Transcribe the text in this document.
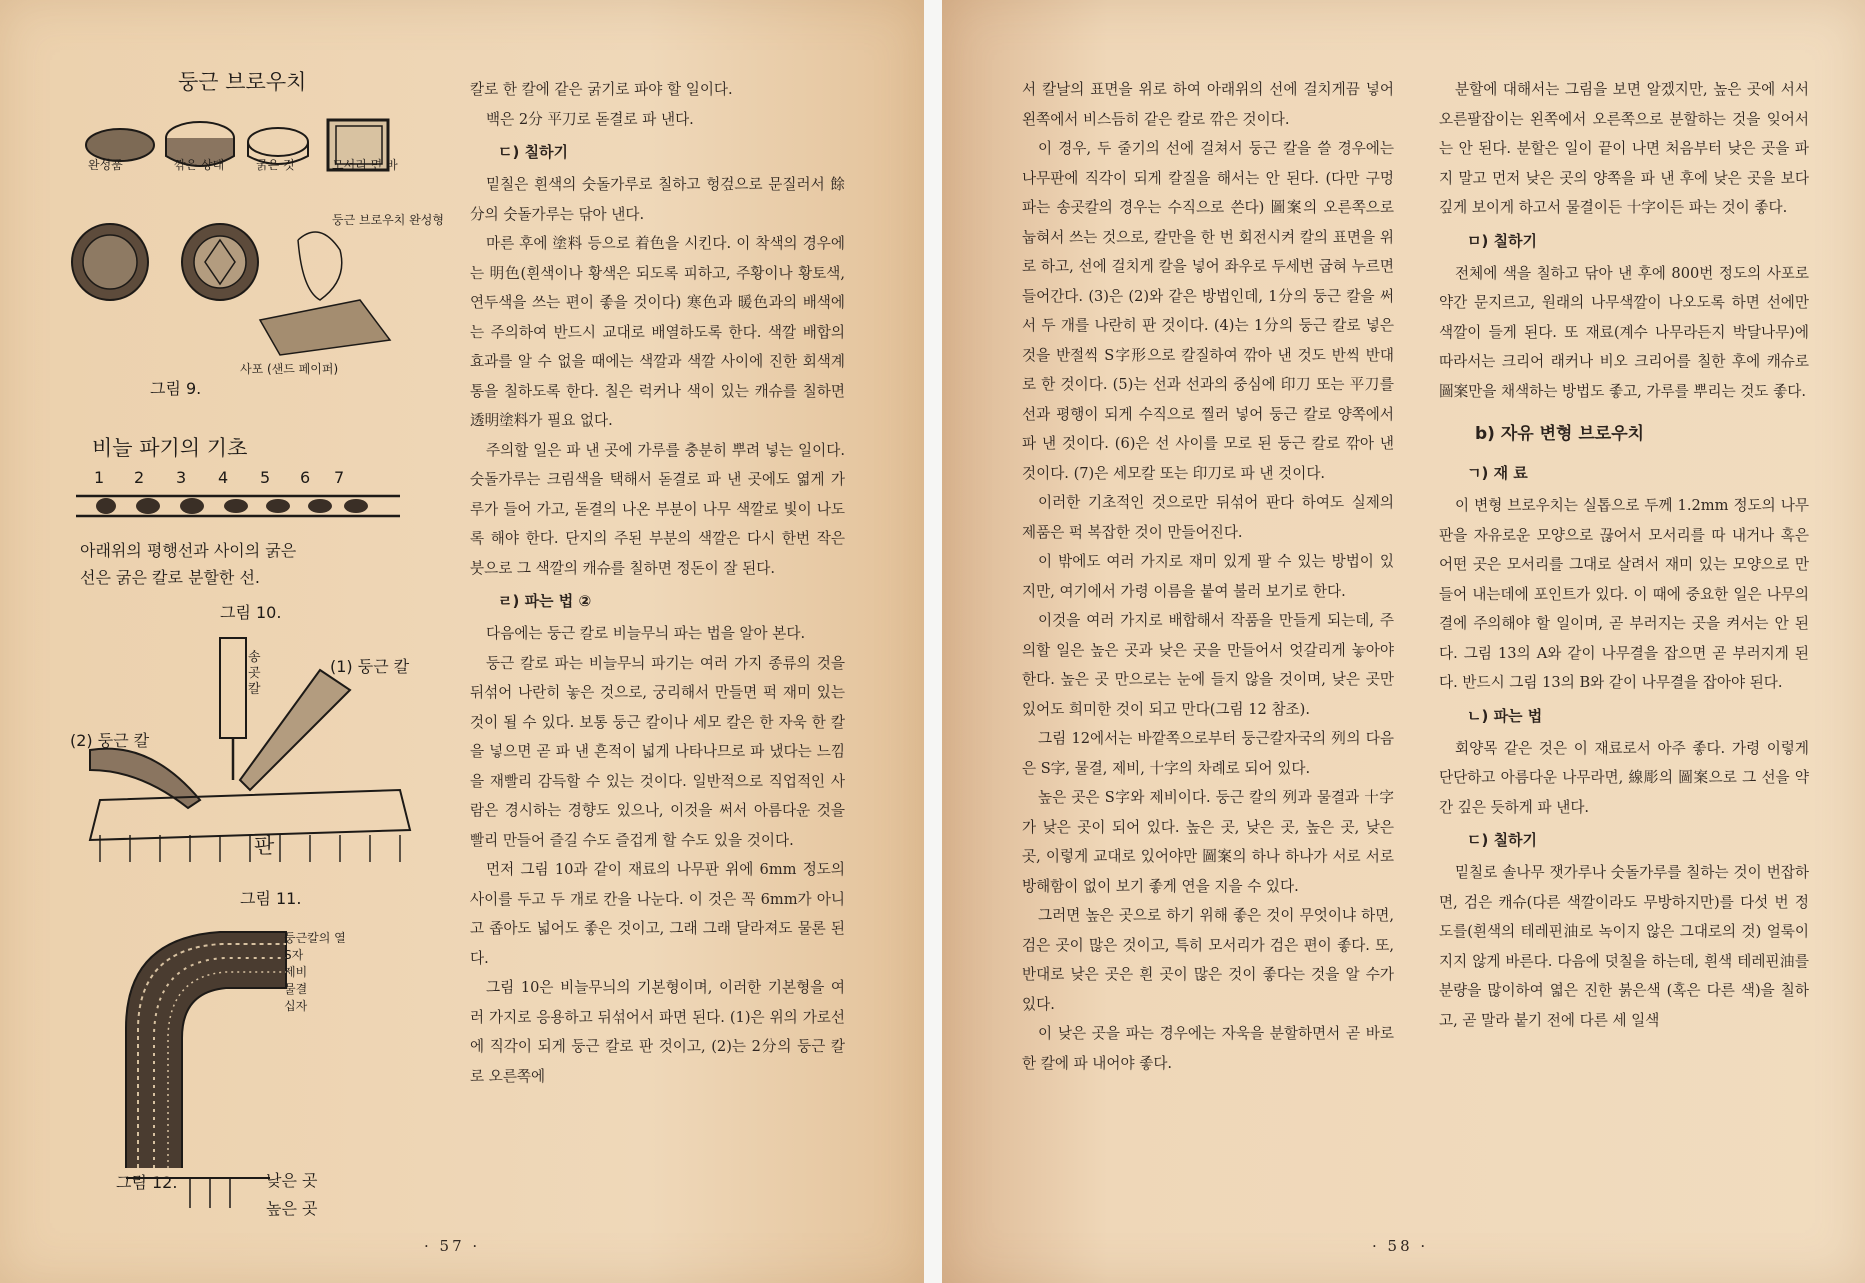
둥근 브로우치
완성품	깎은 상태	굵은 것	모서리 면 바
둥근 브로우치 완성형
사포 (샌드 페이퍼)
그림 9.
비늘 파기의 기초
1 2 3 4 5 6 7
아래위의 평행선과 사이의 굵은
선은 굵은 칼로 분할한 선.
그림 10.
송곳칼
(1) 둥근 칼
(2) 둥근 칼
판
그림 11.
둥근칼의 열
S자
제비
물결
십자
낮은 곳
높은 곳
그림 12.

칼로 한 칼에 같은 굵기로 파야 할 일이다.

백은 2分 平刀로 돋결로 파 낸다.

ㄷ) 칠하기

밑칠은 흰색의 숫돌가루로 칠하고 헝겊으로 문질러서 餘分의 숫돌가루는 닦아 낸다.

마른 후에 塗料 등으로 着色을 시킨다. 이 착색의 경우에는 明色(흰색이나 황색은 되도록 피하고, 주황이나 황토색, 연두색을 쓰는 편이 좋을 것이다) 寒色과 暖色과의 배색에는 주의하여 반드시 교대로 배열하도록 한다. 색깔 배합의 효과를 알 수 없을 때에는 색깔과 색깔 사이에 진한 회색계통을 칠하도록 한다. 칠은 럭커나 색이 있는 캐슈를 칠하면 透明塗料가 필요 없다.

주의할 일은 파 낸 곳에 가루를 충분히 뿌려 넣는 일이다. 숫돌가루는 크림색을 택해서 돋결로 파 낸 곳에도 엷게 가루가 들어 가고, 돋결의 나온 부분이 나무 색깔로 빛이 나도록 해야 한다. 단지의 주된 부분의 색깔은 다시 한번 작은 붓으로 그 색깔의 캐슈를 칠하면 정돈이 잘 된다.

ㄹ) 파는 법 ②

다음에는 둥근 칼로 비늘무늬 파는 법을 알아 본다.

둥근 칼로 파는 비늘무늬 파기는 여러 가지 종류의 것을 뒤섞어 나란히 놓은 것으로, 궁리해서 만들면 퍽 재미 있는 것이 될 수 있다. 보통 둥근 칼이나 세모 칼은 한 자욱 한 칼을 넣으면 곧 파 낸 흔적이 넓게 나타나므로 파 냈다는 느낌을 재빨리 감득할 수 있는 것이다. 일반적으로 직업적인 사람은 경시하는 경향도 있으나, 이것을 써서 아름다운 것을 빨리 만들어 즐길 수도 즐겁게 할 수도 있을 것이다.

먼저 그림 10과 같이 재료의 나무판 위에 6mm 정도의 사이를 두고 두 개로 칸을 나눈다. 이 것은 꼭 6mm가 아니고 좁아도 넓어도 좋은 것이고, 그래 그래 달라져도 물론 된다.

그림 10은 비늘무늬의 기본형이며, 이러한 기본형을 여러 가지로 응용하고 뒤섞어서 파면 된다. (1)은 위의 가로선에 직각이 되게 둥근 칼로 판 것이고, (2)는 2分의 둥근 칼로 오른쪽에

· 57 ·

서 칼날의 표면을 위로 하여 아래위의 선에 걸치게끔 넣어 왼쪽에서 비스듬히 같은 칼로 깎은 것이다.

이 경우, 두 줄기의 선에 걸쳐서 둥근 칼을 쓸 경우에는 나무판에 직각이 되게 칼질을 해서는 안 된다. (다만 구멍 파는 송곳칼의 경우는 수직으로 쓴다) 圖案의 오른쪽으로 눕혀서 쓰는 것으로, 칼만을 한 번 회전시켜 칼의 표면을 위로 하고, 선에 걸치게 칼을 넣어 좌우로 두세번 굽혀 누르면 들어간다. (3)은 (2)와 같은 방법인데, 1分의 둥근 칼을 써서 두 개를 나란히 판 것이다. (4)는 1分의 둥근 칼로 넣은 것을 반절씩 S字形으로 칼질하여 깎아 낸 것도 반씩 반대로 한 것이다. (5)는 선과 선과의 중심에 印刀 또는 平刀를 선과 평행이 되게 수직으로 찔러 넣어 둥근 칼로 양쪽에서 파 낸 것이다. (6)은 선 사이를 모로 된 둥근 칼로 깎아 낸 것이다. (7)은 세모칼 또는 印刀로 파 낸 것이다.

이러한 기초적인 것으로만 뒤섞어 판다 하여도 실제의 제품은 퍽 복잡한 것이 만들어진다.

이 밖에도 여러 가지로 재미 있게 팔 수 있는 방법이 있지만, 여기에서 가령 이름을 붙여 불러 보기로 한다.

이것을 여러 가지로 배합해서 작품을 만들게 되는데, 주의할 일은 높은 곳과 낮은 곳을 만들어서 엇갈리게 놓아야 한다. 높은 곳 만으로는 눈에 들지 않을 것이며, 낮은 곳만 있어도 희미한 것이 되고 만다(그림 12 참조).

그림 12에서는 바깥쪽으로부터 둥근칼자국의 列의 다음은 S字, 물결, 제비, 十字의 차례로 되어 있다.

높은 곳은 S字와 제비이다. 둥근 칼의 列과 물결과 十字가 낮은 곳이 되어 있다. 높은 곳, 낮은 곳, 높은 곳, 낮은 곳, 이렇게 교대로 있어야만 圖案의 하나 하나가 서로 서로 방해함이 없이 보기 좋게 연을 지을 수 있다.

그러면 높은 곳으로 하기 위해 좋은 것이 무엇이냐 하면, 검은 곳이 많은 것이고, 특히 모서리가 검은 편이 좋다. 또, 반대로 낮은 곳은 흰 곳이 많은 것이 좋다는 것을 알 수가 있다.

이 낮은 곳을 파는 경우에는 자욱을 분할하면서 곧 바로 한 칼에 파 내어야 좋다.

분할에 대해서는 그림을 보면 알겠지만, 높은 곳에 서서 오른팔잡이는 왼쪽에서 오른쪽으로 분할하는 것을 잊어서는 안 된다. 분할은 일이 끝이 나면 처음부터 낮은 곳을 파지 말고 먼저 낮은 곳의 양쪽을 파 낸 후에 낮은 곳을 보다 깊게 보이게 하고서 물결이든 十字이든 파는 것이 좋다.

ㅁ) 칠하기

전체에 색을 칠하고 닦아 낸 후에 800번 정도의 사포로 약간 문지르고, 원래의 나무색깔이 나오도록 하면 선에만 색깔이 들게 된다. 또 재료(계수 나무라든지 박달나무)에 따라서는 크리어 래커나 비오 크리어를 칠한 후에 캐슈로 圖案만을 채색하는 방법도 좋고, 가루를 뿌리는 것도 좋다.

b) 자유 변형 브로우치
ㄱ) 재 료

이 변형 브로우치는 실톱으로 두께 1.2mm 정도의 나무판을 자유로운 모양으로 끊어서 모서리를 따 내거나 혹은 어떤 곳은 모서리를 그대로 살려서 재미 있는 모양으로 만들어 내는데에 포인트가 있다. 이 때에 중요한 일은 나무의 결에 주의해야 할 일이며, 곧 부러지는 곳을 켜서는 안 된다. 그림 13의 A와 같이 나무결을 잡으면 곧 부러지게 된다. 반드시 그림 13의 B와 같이 나무결을 잡아야 된다.

ㄴ) 파는 법

회양목 같은 것은 이 재료로서 아주 좋다. 가령 이렇게 단단하고 아름다운 나무라면, 線彫의 圖案으로 그 선을 약간 깊은 듯하게 파 낸다.

ㄷ) 칠하기

밑칠로 솔나무 잿가루나 숫돌가루를 칠하는 것이 번잡하면, 검은 캐슈(다른 색깔이라도 무방하지만)를 다섯 번 정도를(흰색의 테레핀油로 녹이지 않은 그대로의 것) 얼룩이 지지 않게 바른다. 다음에 덧칠을 하는데, 흰색 테레핀油를 분량을 많이하여 엷은 진한 붉은색 (혹은 다른 색)을 칠하고, 곧 말라 붙기 전에 다른 세 일색

· 58 ·
